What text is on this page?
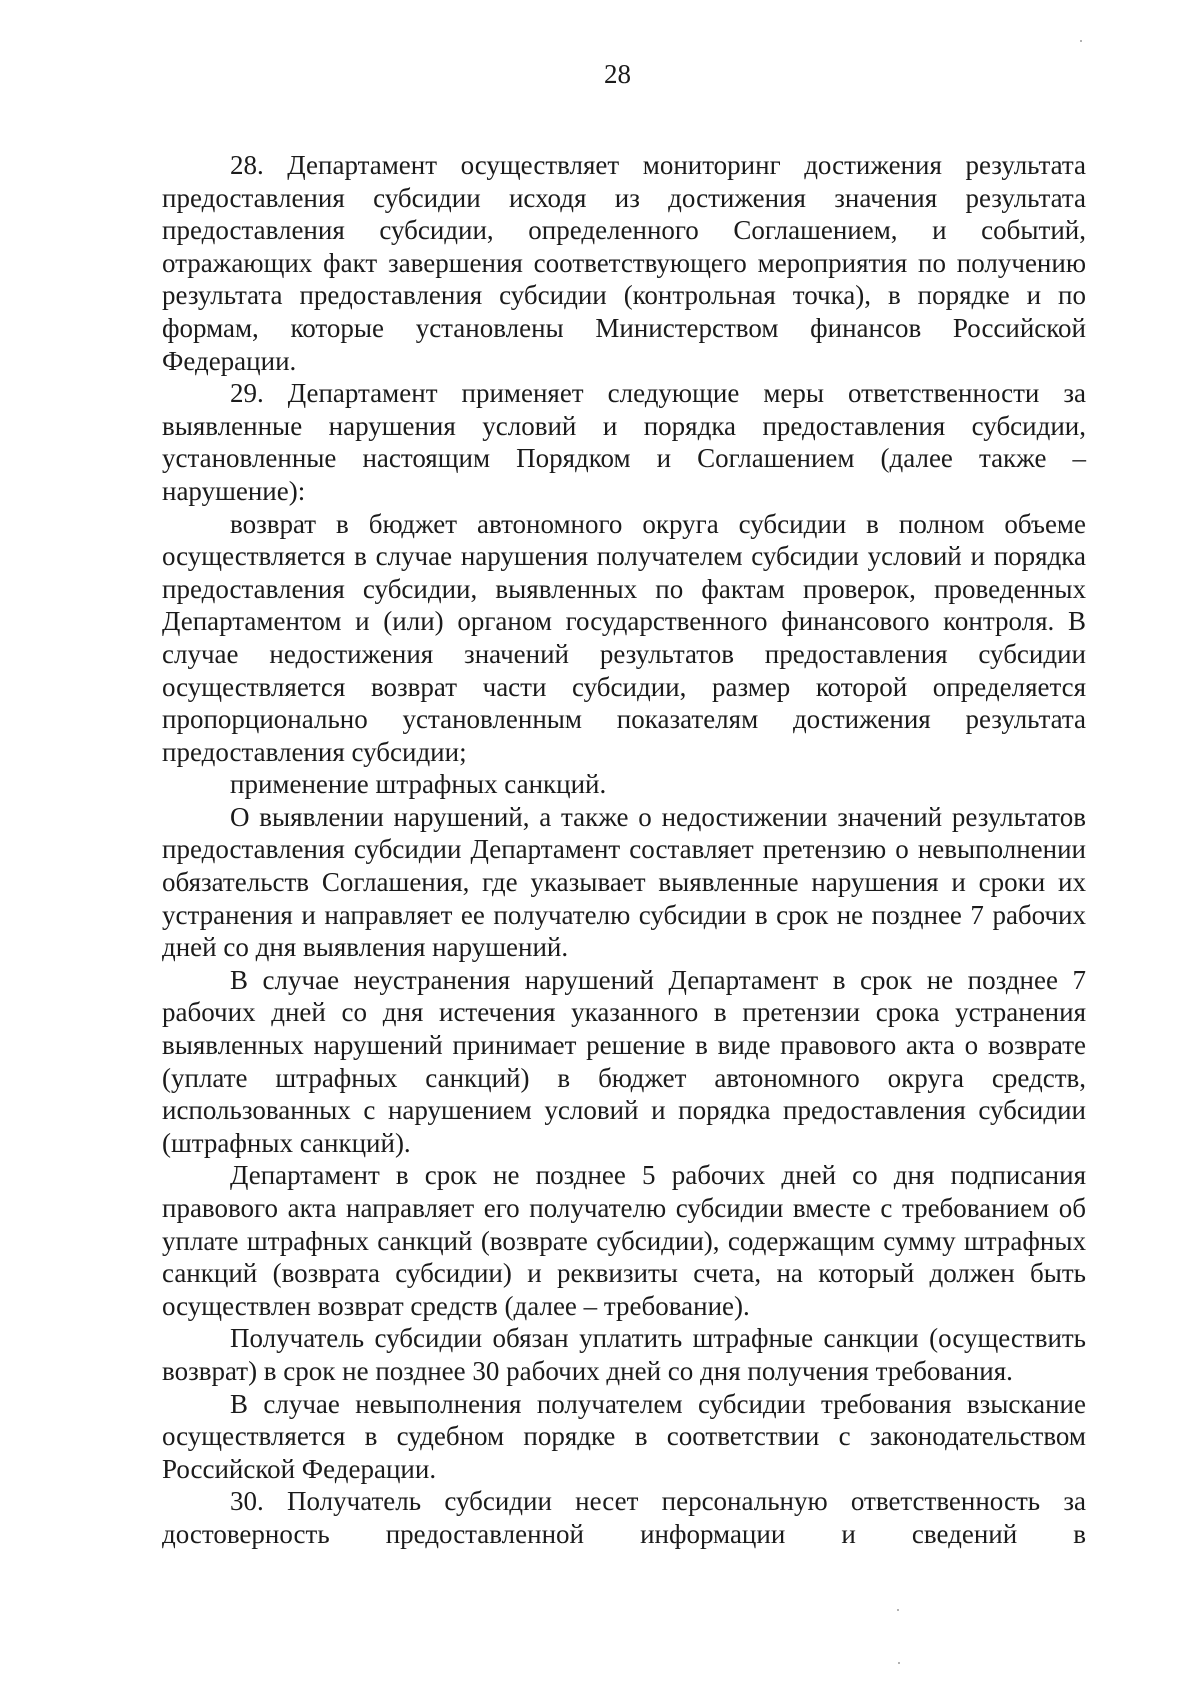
28

28. Департамент осуществляет мониторинг достижения результата предоставления субсидии исходя из достижения значения результата предоставления субсидии, определенного Соглашением, и событий, отражающих факт завершения соответствующего мероприятия по получению результата предоставления субсидии (контрольная точка), в порядке и по формам, которые установлены Министерством финансов Российской Федерации.

29. Департамент применяет следующие меры ответственности за выявленные нарушения условий и порядка предоставления субсидии, установленные настоящим Порядком и Соглашением (далее также – нарушение):

возврат в бюджет автономного округа субсидии в полном объеме осуществляется в случае нарушения получателем субсидии условий и порядка предоставления субсидии, выявленных по фактам проверок, проведенных Департаментом и (или) органом государственного финансового контроля. В случае недостижения значений результатов предоставления субсидии осуществляется возврат части субсидии, размер которой определяется пропорционально установленным показателям достижения результата предоставления субсидии;

применение штрафных санкций.

О выявлении нарушений, а также о недостижении значений результатов предоставления субсидии Департамент составляет претензию о невыполнении обязательств Соглашения, где указывает выявленные нарушения и сроки их устранения и направляет ее получателю субсидии в срок не позднее 7 рабочих дней со дня выявления нарушений.

В случае неустранения нарушений Департамент в срок не позднее 7 рабочих дней со дня истечения указанного в претензии срока устранения выявленных нарушений принимает решение в виде правового акта о возврате (уплате штрафных санкций) в бюджет автономного округа средств, использованных с нарушением условий и порядка предоставления субсидии (штрафных санкций).

Департамент в срок не позднее 5 рабочих дней со дня подписания правового акта направляет его получателю субсидии вместе с требованием об уплате штрафных санкций (возврате субсидии), содержащим сумму штрафных санкций (возврата субсидии) и реквизиты счета, на который должен быть осуществлен возврат средств (далее – требование).

Получатель субсидии обязан уплатить штрафные санкции (осуществить возврат) в срок не позднее 30 рабочих дней со дня получения требования.

В случае невыполнения получателем субсидии требования взыскание осуществляется в судебном порядке в соответствии с законодательством Российской Федерации.

30. Получатель субсидии несет персональную ответственность за достоверность предоставленной информации и сведений в
